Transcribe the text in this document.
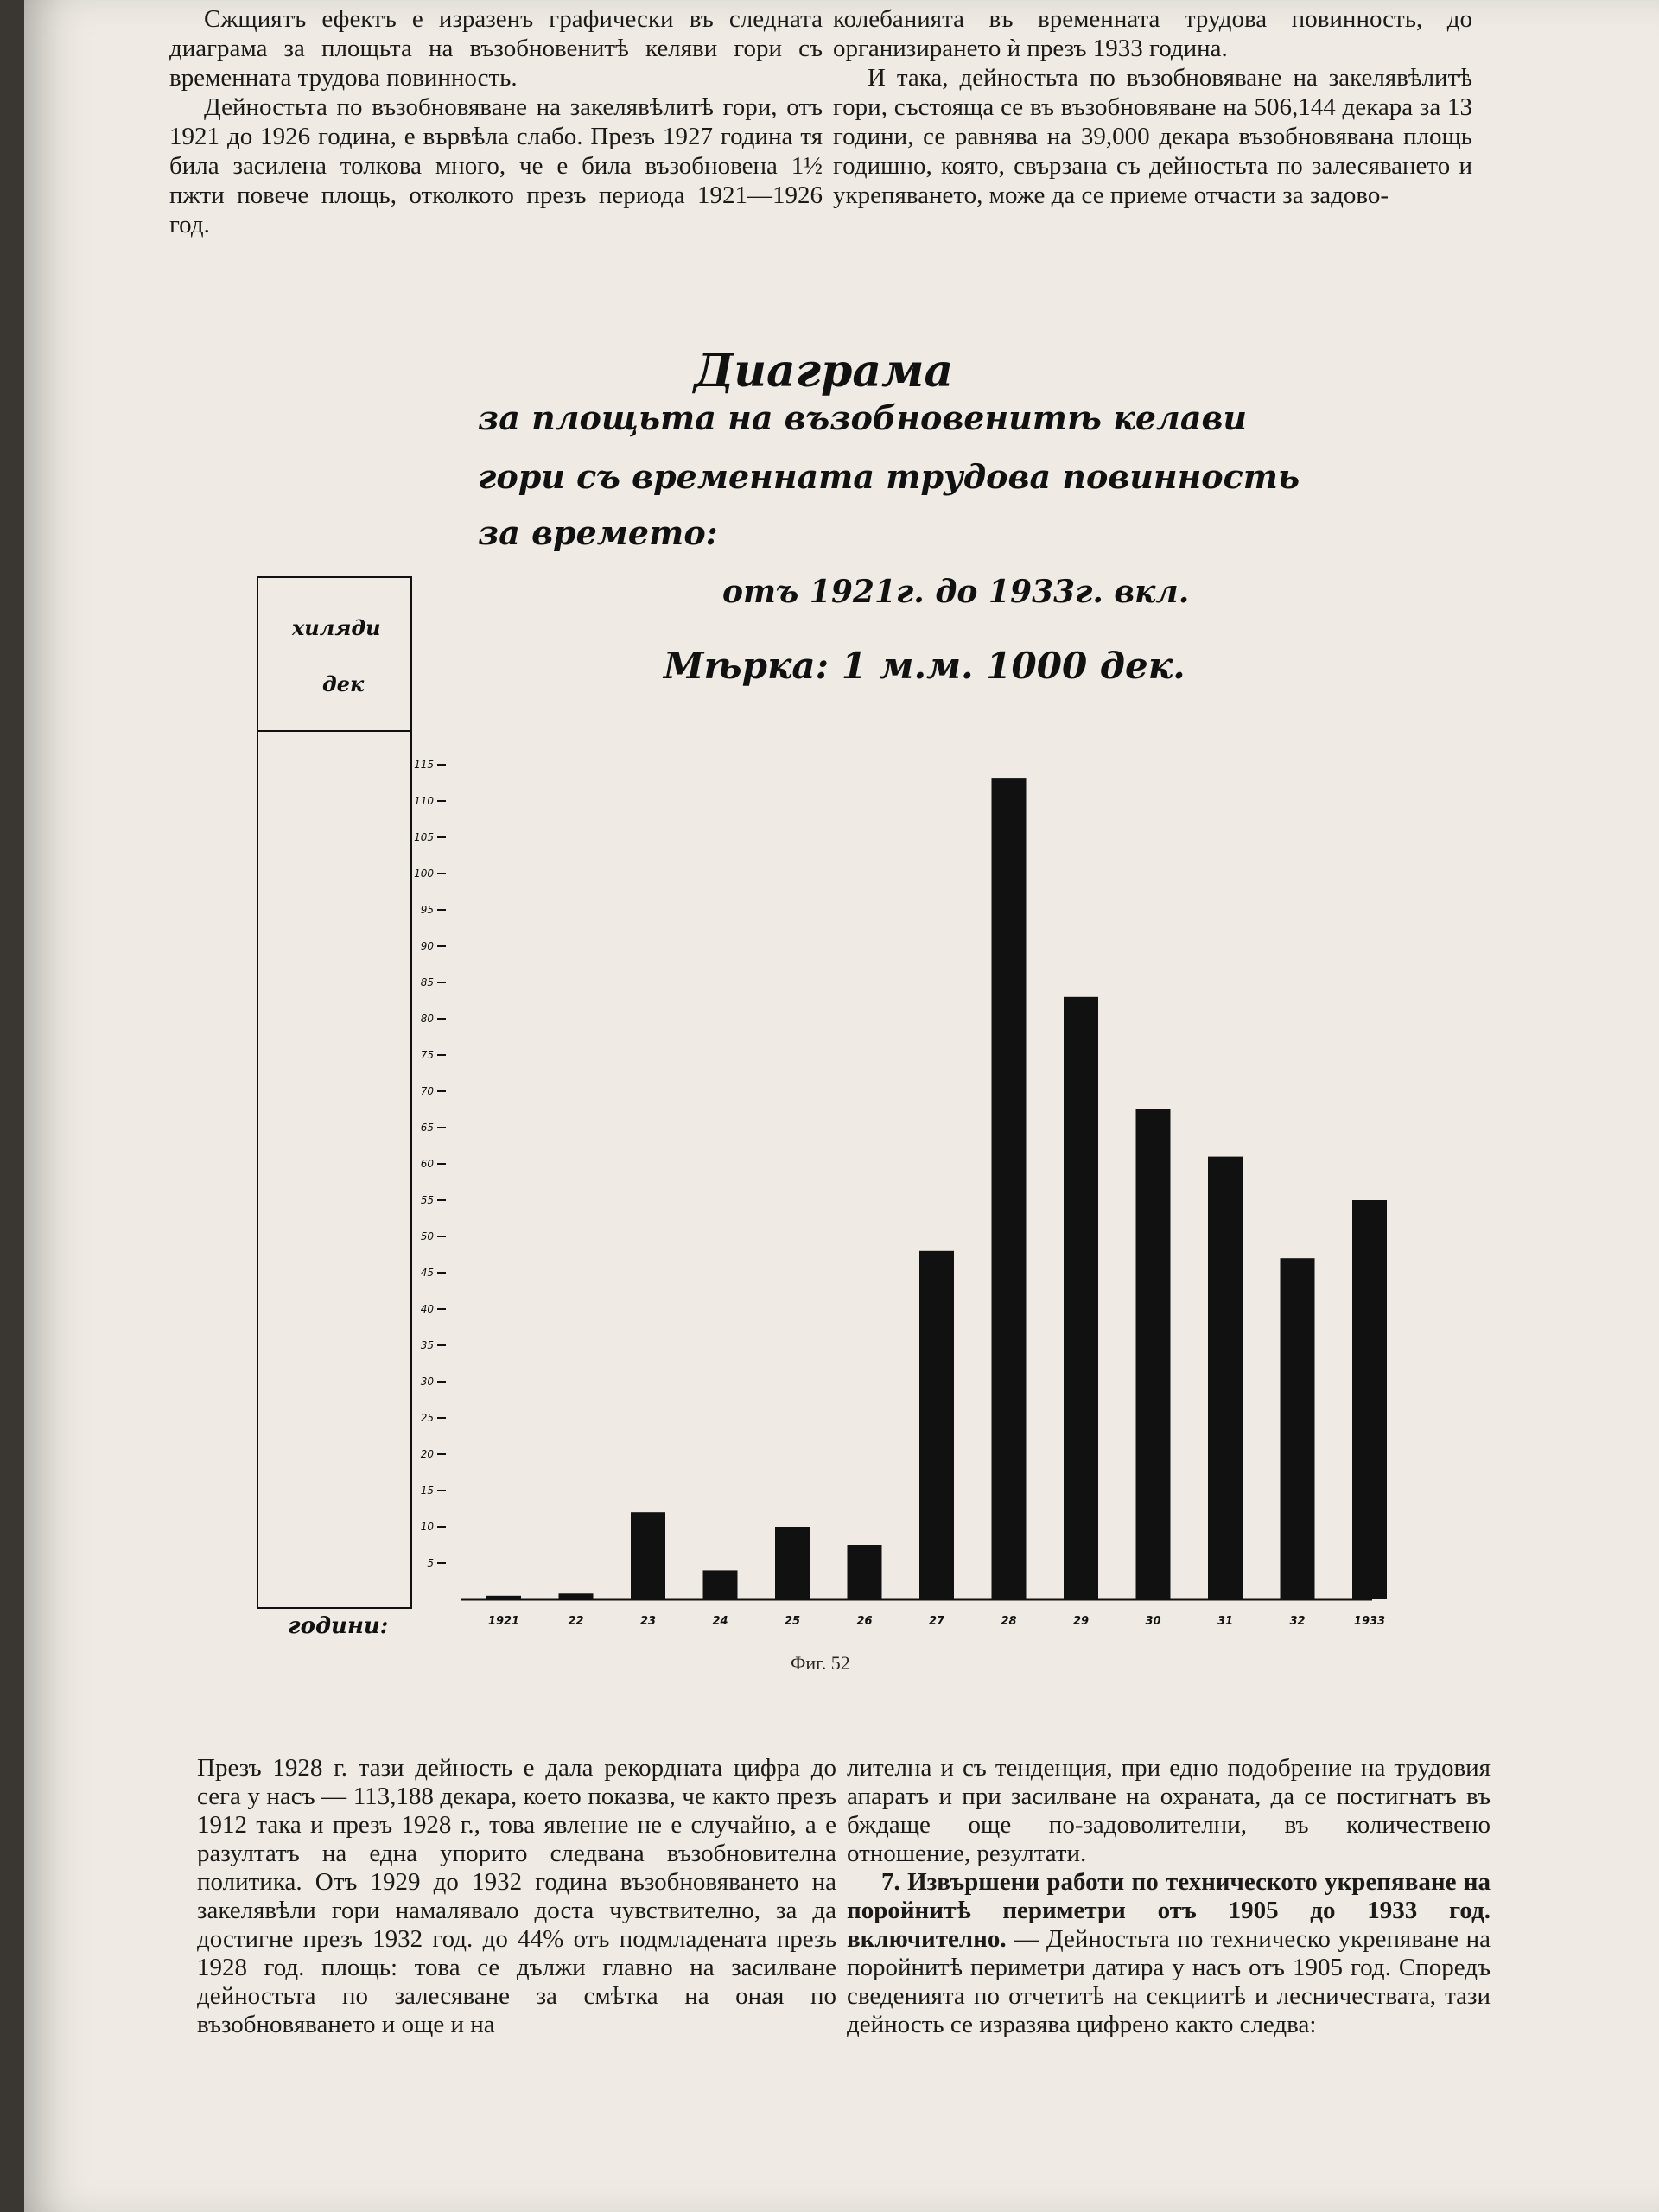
Сжщиятъ ефектъ е изразенъ графически въ следната диаграма за площьта на възобновенитѣ келяви гори съ временната трудова повинность.

Дейностьта по възобновяване на закелявѣлитѣ гори, отъ 1921 до 1926 година, е вървѣла слабо. Презъ 1927 година тя била засилена толкова много, че е била възобновена 1½ пжти повече площь, отколкото презъ периода 1921—1926 год.

колебанията въ временната трудова повинность, до организирането ѝ презъ 1933 година.

И така, дейностьта по възобновяване на закелявѣлитѣ гори, състояща се въ възобновяване на 506,144 декара за 13 години, се равнява на 39,000 декара възобновявана площь годишно, която, свързана съ дейностьта по залесяването и укрепяването, може да се приеме отчасти за задово-

Диаграма
за площьта на възобновенитѣ келави
гори съ временната трудова повинность
за времето:
отъ 1921г. до 1933г. вкл.
Мѣрка: 1 м.м. 1000 дек.
хиляди
дек
5
10
15
20
25
30
35
40
45
50
55
60
65
70
75
80
85
90
95
100
105
110
115
1921	22	23	24	25	26	27	28	29	30	31	32	1933
години:
Фиг. 52

Презъ 1928 г. тази дейность е дала рекордната цифра до сега у насъ — 113,188 декара, което показва, че както презъ 1912 така и презъ 1928 г., това явление не е случайно, а е разултатъ на една упорито следвана възобновителна политика. Отъ 1929 до 1932 година възобновяването на закелявѣли гори намалявало доста чувствително, за да достигне презъ 1932 год. до 44% отъ подмладената презъ 1928 год. площь: това се дължи главно на засилване дейностьта по залесяване за смѣтка на оная по възобновяването и още и на

лителна и съ тенденция, при едно подобрение на трудовия апаратъ и при засилване на охраната, да се постигнатъ въ бждаще още по-задоволителни, въ количествено отношение, резултати.

7. Извършени работи по техническото укрепяване на поройнитѣ периметри отъ 1905 до 1933 год. включително. — Дейностьта по техническо укрепяване на поройнитѣ периметри датира у насъ отъ 1905 год. Споредъ сведенията по отчетитѣ на секциитѣ и лесничествата, тази дейность се изразява цифрено както следва:
